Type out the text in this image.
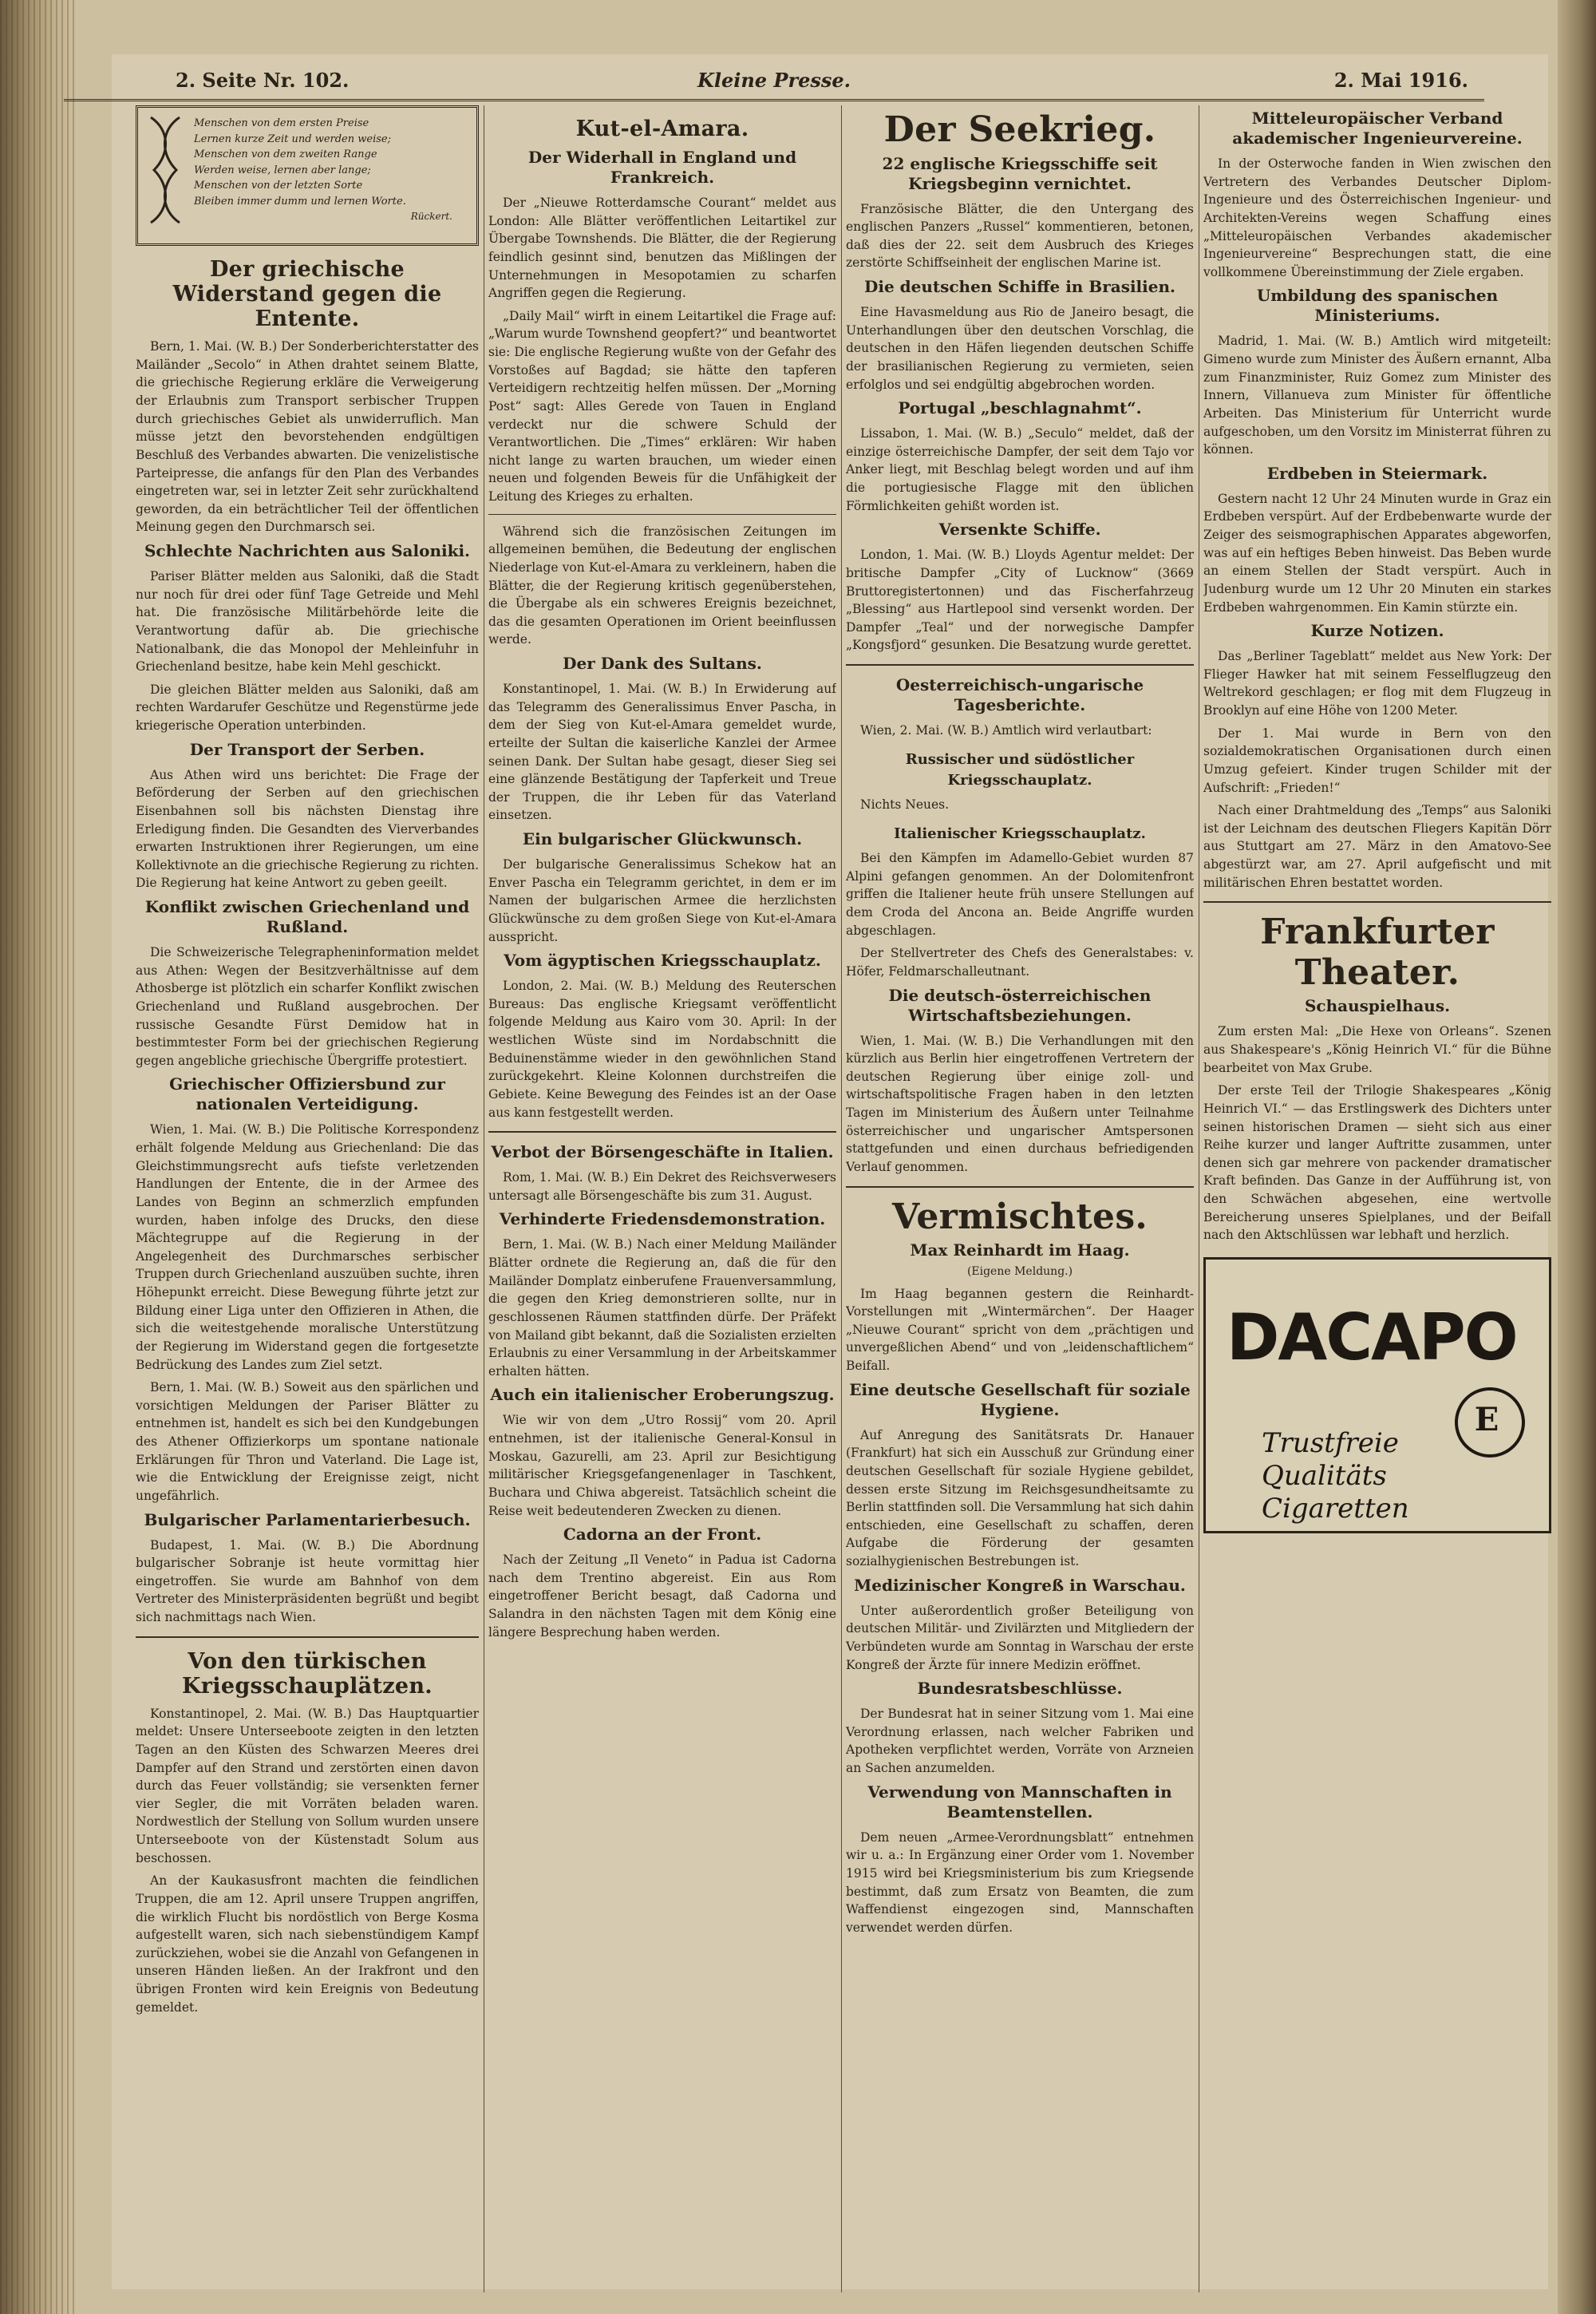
2. Seite Nr. 102.	Kleine Presse.	2. Mai 1916.
Menschen von dem ersten Preise
Lernen kurze Zeit und werden weise;
Menschen von dem zweiten Range
Werden weise, lernen aber lange;
Menschen von der letzten Sorte
Bleiben immer dumm und lernen Worte.
Rückert.
Der griechische Widerstand gegen die Entente.

Bern, 1. Mai. (W. B.) Der Sonderberichterstatter des Mailänder „Secolo“ in Athen drahtet seinem Blatte, die griechische Regierung erkläre die Verweigerung der Erlaubnis zum Transport serbischer Truppen durch griechisches Gebiet als unwiderruflich. Man müsse jetzt den bevorstehenden endgültigen Beschluß des Verbandes abwarten. Die venizelistische Parteipresse, die anfangs für den Plan des Verbandes eingetreten war, sei in letzter Zeit sehr zurückhaltend geworden, da ein beträchtlicher Teil der öffentlichen Meinung gegen den Durchmarsch sei.

Schlechte Nachrichten aus Saloniki.

Pariser Blätter melden aus Saloniki, daß die Stadt nur noch für drei oder fünf Tage Getreide und Mehl hat. Die französische Militärbehörde leite die Verantwortung dafür ab. Die griechische Nationalbank, die das Monopol der Mehleinfuhr in Griechenland besitze, habe kein Mehl geschickt.

Die gleichen Blätter melden aus Saloniki, daß am rechten Wardarufer Geschütze und Regenstürme jede kriegerische Operation unterbinden.

Der Transport der Serben.

Aus Athen wird uns berichtet: Die Frage der Beförderung der Serben auf den griechischen Eisenbahnen soll bis nächsten Dienstag ihre Erledigung finden. Die Gesandten des Vierverbandes erwarten Instruktionen ihrer Regierungen, um eine Kollektivnote an die griechische Regierung zu richten. Die Regierung hat keine Antwort zu geben geeilt.

Konflikt zwischen Griechenland und Rußland.

Die Schweizerische Telegrapheninformation meldet aus Athen: Wegen der Besitzverhältnisse auf dem Athosberge ist plötzlich ein scharfer Konflikt zwischen Griechenland und Rußland ausgebrochen. Der russische Gesandte Fürst Demidow hat in bestimmtester Form bei der griechischen Regierung gegen angebliche griechische Übergriffe protestiert.

Griechischer Offiziersbund zur nationalen Verteidigung.

Wien, 1. Mai. (W. B.) Die Politische Korrespondenz erhält folgende Meldung aus Griechenland: Die das Gleichstimmungsrecht aufs tiefste verletzenden Handlungen der Entente, die in der Armee des Landes von Beginn an schmerzlich empfunden wurden, haben infolge des Drucks, den diese Mächtegruppe auf die Regierung in der Angelegenheit des Durchmarsches serbischer Truppen durch Griechenland auszuüben suchte, ihren Höhepunkt erreicht. Diese Bewegung führte jetzt zur Bildung einer Liga unter den Offizieren in Athen, die sich die weitestgehende moralische Unterstützung der Regierung im Widerstand gegen die fortgesetzte Bedrückung des Landes zum Ziel setzt.

Bern, 1. Mai. (W. B.) Soweit aus den spärlichen und vorsichtigen Meldungen der Pariser Blätter zu entnehmen ist, handelt es sich bei den Kundgebungen des Athener Offizierkorps um spontane nationale Erklärungen für Thron und Vaterland. Die Lage ist, wie die Entwicklung der Ereignisse zeigt, nicht ungefährlich.

Bulgarischer Parlamentarierbesuch.

Budapest, 1. Mai. (W. B.) Die Abordnung bulgarischer Sobranje ist heute vormittag hier eingetroffen. Sie wurde am Bahnhof von dem Vertreter des Ministerpräsidenten begrüßt und begibt sich nachmittags nach Wien.

Von den türkischen Kriegsschauplätzen.

Konstantinopel, 2. Mai. (W. B.) Das Hauptquartier meldet: Unsere Unterseeboote zeigten in den letzten Tagen an den Küsten des Schwarzen Meeres drei Dampfer auf den Strand und zerstörten einen davon durch das Feuer vollständig; sie versenkten ferner vier Segler, die mit Vorräten beladen waren. Nordwestlich der Stellung von Sollum wurden unsere Unterseeboote von der Küstenstadt Solum aus beschossen.

An der Kaukasusfront machten die feindlichen Truppen, die am 12. April unsere Truppen angriffen, die wirklich Flucht bis nordöstlich von Berge Kosma aufgestellt waren, sich nach siebenstündigem Kampf zurückziehen, wobei sie die Anzahl von Gefangenen in unseren Händen ließen. An der Irakfront und den übrigen Fronten wird kein Ereignis von Bedeutung gemeldet.

Kut-el-Amara.
Der Widerhall in England und Frankreich.

Der „Nieuwe Rotterdamsche Courant“ meldet aus London: Alle Blätter veröffentlichen Leitartikel zur Übergabe Townshends. Die Blätter, die der Regierung feindlich gesinnt sind, benutzen das Mißlingen der Unternehmungen in Mesopotamien zu scharfen Angriffen gegen die Regierung.

„Daily Mail“ wirft in einem Leitartikel die Frage auf: „Warum wurde Townshend geopfert?“ und beantwortet sie: Die englische Regierung wußte von der Gefahr des Vorstoßes auf Bagdad; sie hätte den tapferen Verteidigern rechtzeitig helfen müssen. Der „Morning Post“ sagt: Alles Gerede von Tauen in England verdeckt nur die schwere Schuld der Verantwortlichen. Die „Times“ erklären: Wir haben nicht lange zu warten brauchen, um wieder einen neuen und folgenden Beweis für die Unfähigkeit der Leitung des Krieges zu erhalten.

Während sich die französischen Zeitungen im allgemeinen bemühen, die Bedeutung der englischen Niederlage von Kut-el-Amara zu verkleinern, haben die Blätter, die der Regierung kritisch gegenüberstehen, die Übergabe als ein schweres Ereignis bezeichnet, das die gesamten Operationen im Orient beeinflussen werde.

Der Dank des Sultans.

Konstantinopel, 1. Mai. (W. B.) In Erwiderung auf das Telegramm des Generalissimus Enver Pascha, in dem der Sieg von Kut-el-Amara gemeldet wurde, erteilte der Sultan die kaiserliche Kanzlei der Armee seinen Dank. Der Sultan habe gesagt, dieser Sieg sei eine glänzende Bestätigung der Tapferkeit und Treue der Truppen, die ihr Leben für das Vaterland einsetzen.

Ein bulgarischer Glückwunsch.

Der bulgarische Generalissimus Schekow hat an Enver Pascha ein Telegramm gerichtet, in dem er im Namen der bulgarischen Armee die herzlichsten Glückwünsche zu dem großen Siege von Kut-el-Amara ausspricht.

Vom ägyptischen Kriegsschauplatz.

London, 2. Mai. (W. B.) Meldung des Reuterschen Bureaus: Das englische Kriegsamt veröffentlicht folgende Meldung aus Kairo vom 30. April: In der westlichen Wüste sind im Nordabschnitt die Beduinenstämme wieder in den gewöhnlichen Stand zurückgekehrt. Kleine Kolonnen durchstreifen die Gebiete. Keine Bewegung des Feindes ist an der Oase aus kann festgestellt werden.

Verbot der Börsengeschäfte in Italien.

Rom, 1. Mai. (W. B.) Ein Dekret des Reichsverwesers untersagt alle Börsengeschäfte bis zum 31. August.

Verhinderte Friedensdemonstration.

Bern, 1. Mai. (W. B.) Nach einer Meldung Mailänder Blätter ordnete die Regierung an, daß die für den Mailänder Domplatz einberufene Frauenversammlung, die gegen den Krieg demonstrieren sollte, nur in geschlossenen Räumen stattfinden dürfe. Der Präfekt von Mailand gibt bekannt, daß die Sozialisten erzielten Erlaubnis zu einer Versammlung in der Arbeitskammer erhalten hätten.

Auch ein italienischer Eroberungszug.

Wie wir von dem „Utro Rossij“ vom 20. April entnehmen, ist der italienische General-Konsul in Moskau, Gazurelli, am 23. April zur Besichtigung militärischer Kriegsgefangenenlager in Taschkent, Buchara und Chiwa abgereist. Tatsächlich scheint die Reise weit bedeutenderen Zwecken zu dienen.

Cadorna an der Front.

Nach der Zeitung „Il Veneto“ in Padua ist Cadorna nach dem Trentino abgereist. Ein aus Rom eingetroffener Bericht besagt, daß Cadorna und Salandra in den nächsten Tagen mit dem König eine längere Besprechung haben werden.

Der Seekrieg.
22 englische Kriegsschiffe seit Kriegsbeginn vernichtet.

Französische Blätter, die den Untergang des englischen Panzers „Russel“ kommentieren, betonen, daß dies der 22. seit dem Ausbruch des Krieges zerstörte Schiffseinheit der englischen Marine ist.

Die deutschen Schiffe in Brasilien.

Eine Havasmeldung aus Rio de Janeiro besagt, die Unterhandlungen über den deutschen Vorschlag, die deutschen in den Häfen liegenden deutschen Schiffe der brasilianischen Regierung zu vermieten, seien erfolglos und sei endgültig abgebrochen worden.

Portugal „beschlagnahmt“.

Lissabon, 1. Mai. (W. B.) „Seculo“ meldet, daß der einzige österreichische Dampfer, der seit dem Tajo vor Anker liegt, mit Beschlag belegt worden und auf ihm die portugiesische Flagge mit den üblichen Förmlichkeiten gehißt worden ist.

Versenkte Schiffe.

London, 1. Mai. (W. B.) Lloyds Agentur meldet: Der britische Dampfer „City of Lucknow“ (3669 Bruttoregistertonnen) und das Fischerfahrzeug „Blessing“ aus Hartlepool sind versenkt worden. Der Dampfer „Teal“ und der norwegische Dampfer „Kongsfjord“ gesunken. Die Besatzung wurde gerettet.

Oesterreichisch-ungarische Tagesberichte.

Wien, 2. Mai. (W. B.) Amtlich wird verlautbart:

Russischer und südöstlicher Kriegsschauplatz.

Nichts Neues.

Italienischer Kriegsschauplatz.

Bei den Kämpfen im Adamello-Gebiet wurden 87 Alpini gefangen genommen. An der Dolomitenfront griffen die Italiener heute früh unsere Stellungen auf dem Croda del Ancona an. Beide Angriffe wurden abgeschlagen.

Der Stellvertreter des Chefs des Generalstabes: v. Höfer, Feldmarschalleutnant.

Die deutsch-österreichischen Wirtschaftsbeziehungen.

Wien, 1. Mai. (W. B.) Die Verhandlungen mit den kürzlich aus Berlin hier eingetroffenen Vertretern der deutschen Regierung über einige zoll- und wirtschaftspolitische Fragen haben in den letzten Tagen im Ministerium des Äußern unter Teilnahme österreichischer und ungarischer Amtspersonen stattgefunden und einen durchaus befriedigenden Verlauf genommen.

Vermischtes.
Max Reinhardt im Haag.
(Eigene Meldung.)

Im Haag begannen gestern die Reinhardt-Vorstellungen mit „Wintermärchen“. Der Haager „Nieuwe Courant“ spricht von dem „prächtigen und unvergeßlichen Abend“ und von „leidenschaftlichem“ Beifall.

Eine deutsche Gesellschaft für soziale Hygiene.

Auf Anregung des Sanitätsrats Dr. Hanauer (Frankfurt) hat sich ein Ausschuß zur Gründung einer deutschen Gesellschaft für soziale Hygiene gebildet, dessen erste Sitzung im Reichsgesundheitsamte zu Berlin stattfinden soll. Die Versammlung hat sich dahin entschieden, eine Gesellschaft zu schaffen, deren Aufgabe die Förderung der gesamten sozialhygienischen Bestrebungen ist.

Medizinischer Kongreß in Warschau.

Unter außerordentlich großer Beteiligung von deutschen Militär- und Zivilärzten und Mitgliedern der Verbündeten wurde am Sonntag in Warschau der erste Kongreß der Ärzte für innere Medizin eröffnet.

Bundesratsbeschlüsse.

Der Bundesrat hat in seiner Sitzung vom 1. Mai eine Verordnung erlassen, nach welcher Fabriken und Apotheken verpflichtet werden, Vorräte von Arzneien an Sachen anzumelden.

Verwendung von Mannschaften in Beamtenstellen.

Dem neuen „Armee-Verordnungsblatt“ entnehmen wir u. a.: In Ergänzung einer Order vom 1. November 1915 wird bei Kriegsministerium bis zum Kriegsende bestimmt, daß zum Ersatz von Beamten, die zum Waffendienst eingezogen sind, Mannschaften verwendet werden dürfen.

Mitteleuropäischer Verband akademischer Ingenieurvereine.

In der Osterwoche fanden in Wien zwischen den Vertretern des Verbandes Deutscher Diplom-Ingenieure und des Österreichischen Ingenieur- und Architekten-Vereins wegen Schaffung eines „Mitteleuropäischen Verbandes akademischer Ingenieurvereine“ Besprechungen statt, die eine vollkommene Übereinstimmung der Ziele ergaben.

Umbildung des spanischen Ministeriums.

Madrid, 1. Mai. (W. B.) Amtlich wird mitgeteilt: Gimeno wurde zum Minister des Äußern ernannt, Alba zum Finanzminister, Ruiz Gomez zum Minister des Innern, Villanueva zum Minister für öffentliche Arbeiten. Das Ministerium für Unterricht wurde aufgeschoben, um den Vorsitz im Ministerrat führen zu können.

Erdbeben in Steiermark.

Gestern nacht 12 Uhr 24 Minuten wurde in Graz ein Erdbeben verspürt. Auf der Erdbebenwarte wurde der Zeiger des seismographischen Apparates abgeworfen, was auf ein heftiges Beben hinweist. Das Beben wurde an einem Stellen der Stadt verspürt. Auch in Judenburg wurde um 12 Uhr 20 Minuten ein starkes Erdbeben wahrgenommen. Ein Kamin stürzte ein.

Kurze Notizen.

Das „Berliner Tageblatt“ meldet aus New York: Der Flieger Hawker hat mit seinem Fesselflugzeug den Weltrekord geschlagen; er flog mit dem Flugzeug in Brooklyn auf eine Höhe von 1200 Meter.

Der 1. Mai wurde in Bern von den sozialdemokratischen Organisationen durch einen Umzug gefeiert. Kinder trugen Schilder mit der Aufschrift: „Frieden!“

Nach einer Drahtmeldung des „Temps“ aus Saloniki ist der Leichnam des deutschen Fliegers Kapitän Dörr aus Stuttgart am 27. März in den Amatovo-See abgestürzt war, am 27. April aufgefischt und mit militärischen Ehren bestattet worden.

Frankfurter Theater.
Schauspielhaus.

Zum ersten Mal: „Die Hexe von Orleans“. Szenen aus Shakespeare's „König Heinrich VI.“ für die Bühne bearbeitet von Max Grube.

Der erste Teil der Trilogie Shakespeares „König Heinrich VI.“ — das Erstlingswerk des Dichters unter seinen historischen Dramen — sieht sich aus einer Reihe kurzer und langer Auftritte zusammen, unter denen sich gar mehrere von packender dramatischer Kraft befinden. Das Ganze in der Aufführung ist, von den Schwächen abgesehen, eine wertvolle Bereicherung unseres Spielplanes, und der Beifall nach den Aktschlüssen war lebhaft und herzlich.

DACAPO
Trustfreie
Qualitäts
Cigaretten
E
